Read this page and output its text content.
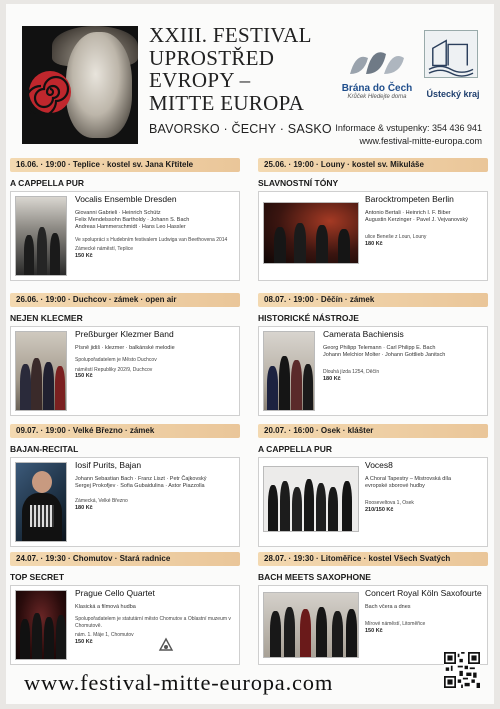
XXIII. FESTIVAL
UPROSTŘED
EVROPY –
MITTE EUROPA
BAVORSKO · ČECHY · SASKO
Brána do Čech
Krůček Hledejte doma	Ústecký kraj
Informace & vstupenky: 354 436 941
www.festival-mitte-europa.com
16.06. · 19:00 · Teplice · kostel sv. Jana Křtitele
A CAPPELLA PUR
Vocalis Ensemble Dresden
Giovanni Gabrieli · Heinrich Schütz
Felix Mendelssohn Bartholdy · Johann S. Bach
Andreas Hammerschmidt · Hans Leo Hassler
Ve spolupráci s Hudebním festivalem Ludwiga van Beethovena 2014
Zámecké náměstí, Teplice
150 Kč
25.06. · 19:00 · Louny · kostel sv. Mikuláše
SLAVNOSTNÍ TÓNY
Barocktrompeten Berlin
Antonio Bertali · Heinrich I. F. Biber
Augustin Kerzinger · Pavel J. Vejvanovský
ulice Beneše z Loun, Louny
180 Kč
26.06. · 19:00 · Duchcov · zámek · open air
NEJEN KLECMER
Preßburger Klezmer Band
Písně jidiš · klezmer · balkánské melodie
Spolupořadatelem je Město Duchcov
náměstí Republiky 202/9, Duchcov
150 Kč
08.07. · 19:00 · Děčín · zámek
HISTORICKÉ NÁSTROJE
Camerata Bachiensis
Georg Philipp Telemann · Carl Philipp E. Bach
Johann Melchior Molter · Johann Gottlieb Janitsch
Dlouhá jízda 1254, Děčín
180 Kč
09.07. · 19:00 · Velké Březno · zámek
BAJAN-RECITAL
Iosif Purits, Bajan
Johann Sebastian Bach · Franz Liszt · Petr Čajkovský
Sergej Prokofjev · Sofia Gubaidulina · Astor Piazzolla
Zámecká, Velké Březno
180 Kč
20.07. · 16:00 · Osek · klášter
A CAPPELLA PUR
Voces8
A Choral Tapestry – Mistrovská díla
evropské sborové hudby
Rooseveltova 1, Osek
210/150 Kč
24.07. · 19:30 · Chomutov · Stará radnice
TOP SECRET
Prague Cello Quartet
Klasická a filmová hudba
Spolupořadatelem je statutární město Chomutov a Oblastní muzeum v Chomutově.
nám. 1. Máje 1, Chomutov
150 Kč
28.07. · 19:30 · Litoměřice · kostel Všech Svatých
BACH MEETS SAXOPHONE
Concert Royal Köln Saxofourte
Bach včera a dnes
Mírové náměstí, Litoměřice
150 Kč
www.festival-mitte-europa.com
